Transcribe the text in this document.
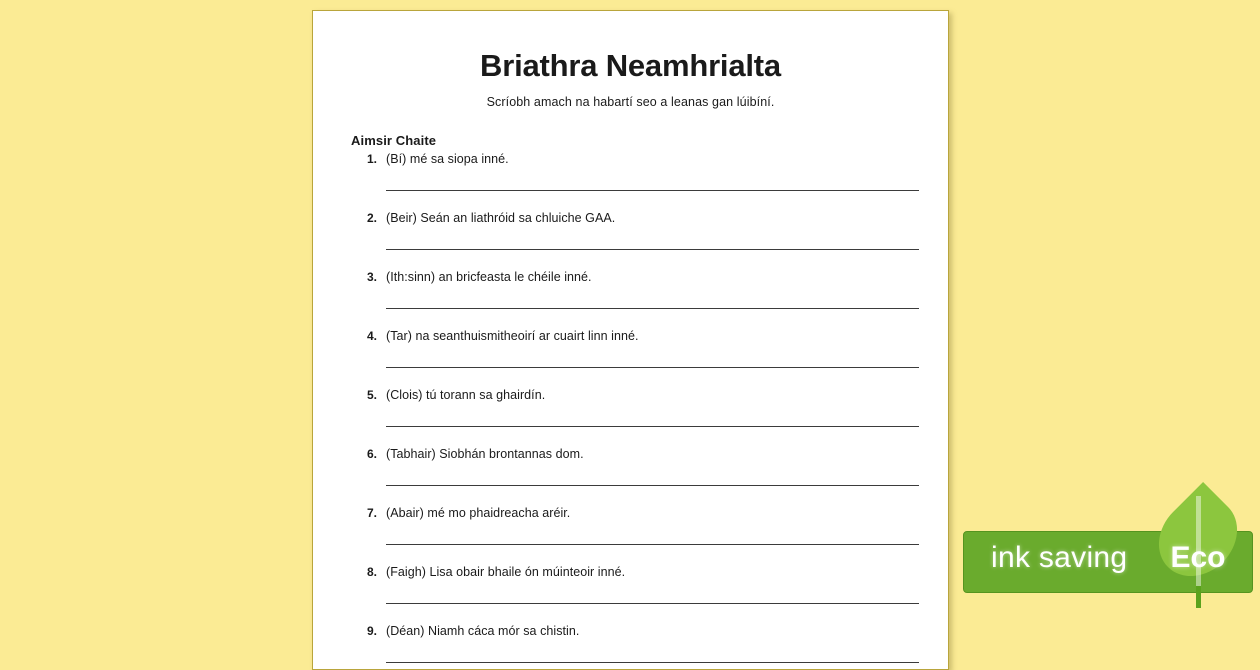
Briathra Neamhrialta

Scríobh amach na habartí seo a leanas gan lúibíní.

Aimsir Chaite
1. (Bí) mé sa siopa inné.
2. (Beir) Seán an liathróid sa chluiche GAA.
3. (Ith:sinn) an bricfeasta le chéile inné.
4. (Tar) na seanthuismitheoirí ar cuairt linn inné.
5. (Clois) tú torann sa ghairdín.
6. (Tabhair) Siobhán brontannas dom.
7. (Abair) mé mo phaidreacha aréir.
8. (Faigh) Lisa obair bhaile ón múinteoir inné.
9. (Déan) Niamh cáca mór sa chistin.
ink saving Eco
